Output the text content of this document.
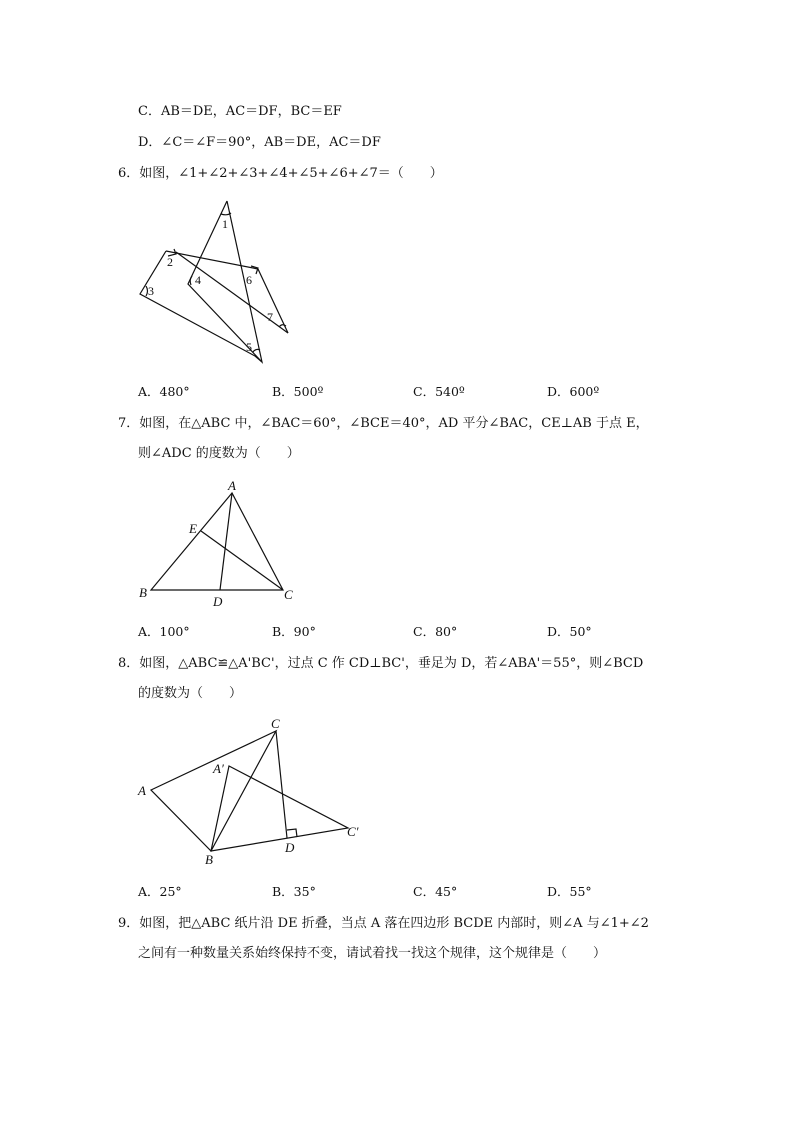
C．AB＝DE，AC＝DF，BC＝EF
D．∠C＝∠F＝90°，AB＝DE，AC＝DF
6．如图，∠1+∠2+∠3+∠4+∠5+∠6+∠7＝（　　）
1
2
3
4
5
6
7
A．480°	B．500º	C．540º	D．600º
7．如图，在△ABC 中，∠BAC＝60°，∠BCE＝40°，AD 平分∠BAC，CE⊥AB 于点 E，
则∠ADC 的度数为（　　）
A
E
B
D	C
A．100°	B．90°	C．80°	D．50°
8．如图，△ABC≌△A'BC'，过点 C 作 CD⊥BC'，垂足为 D，若∠ABA'＝55°，则∠BCD
的度数为（　　）
C
A′
A
D
C′
B
A．25°	B．35°	C．45°	D．55°
9．如图，把△ABC 纸片沿 DE 折叠，当点 A 落在四边形 BCDE 内部时，则∠A 与∠1+∠2
之间有一种数量关系始终保持不变，请试着找一找这个规律，这个规律是（　　）
